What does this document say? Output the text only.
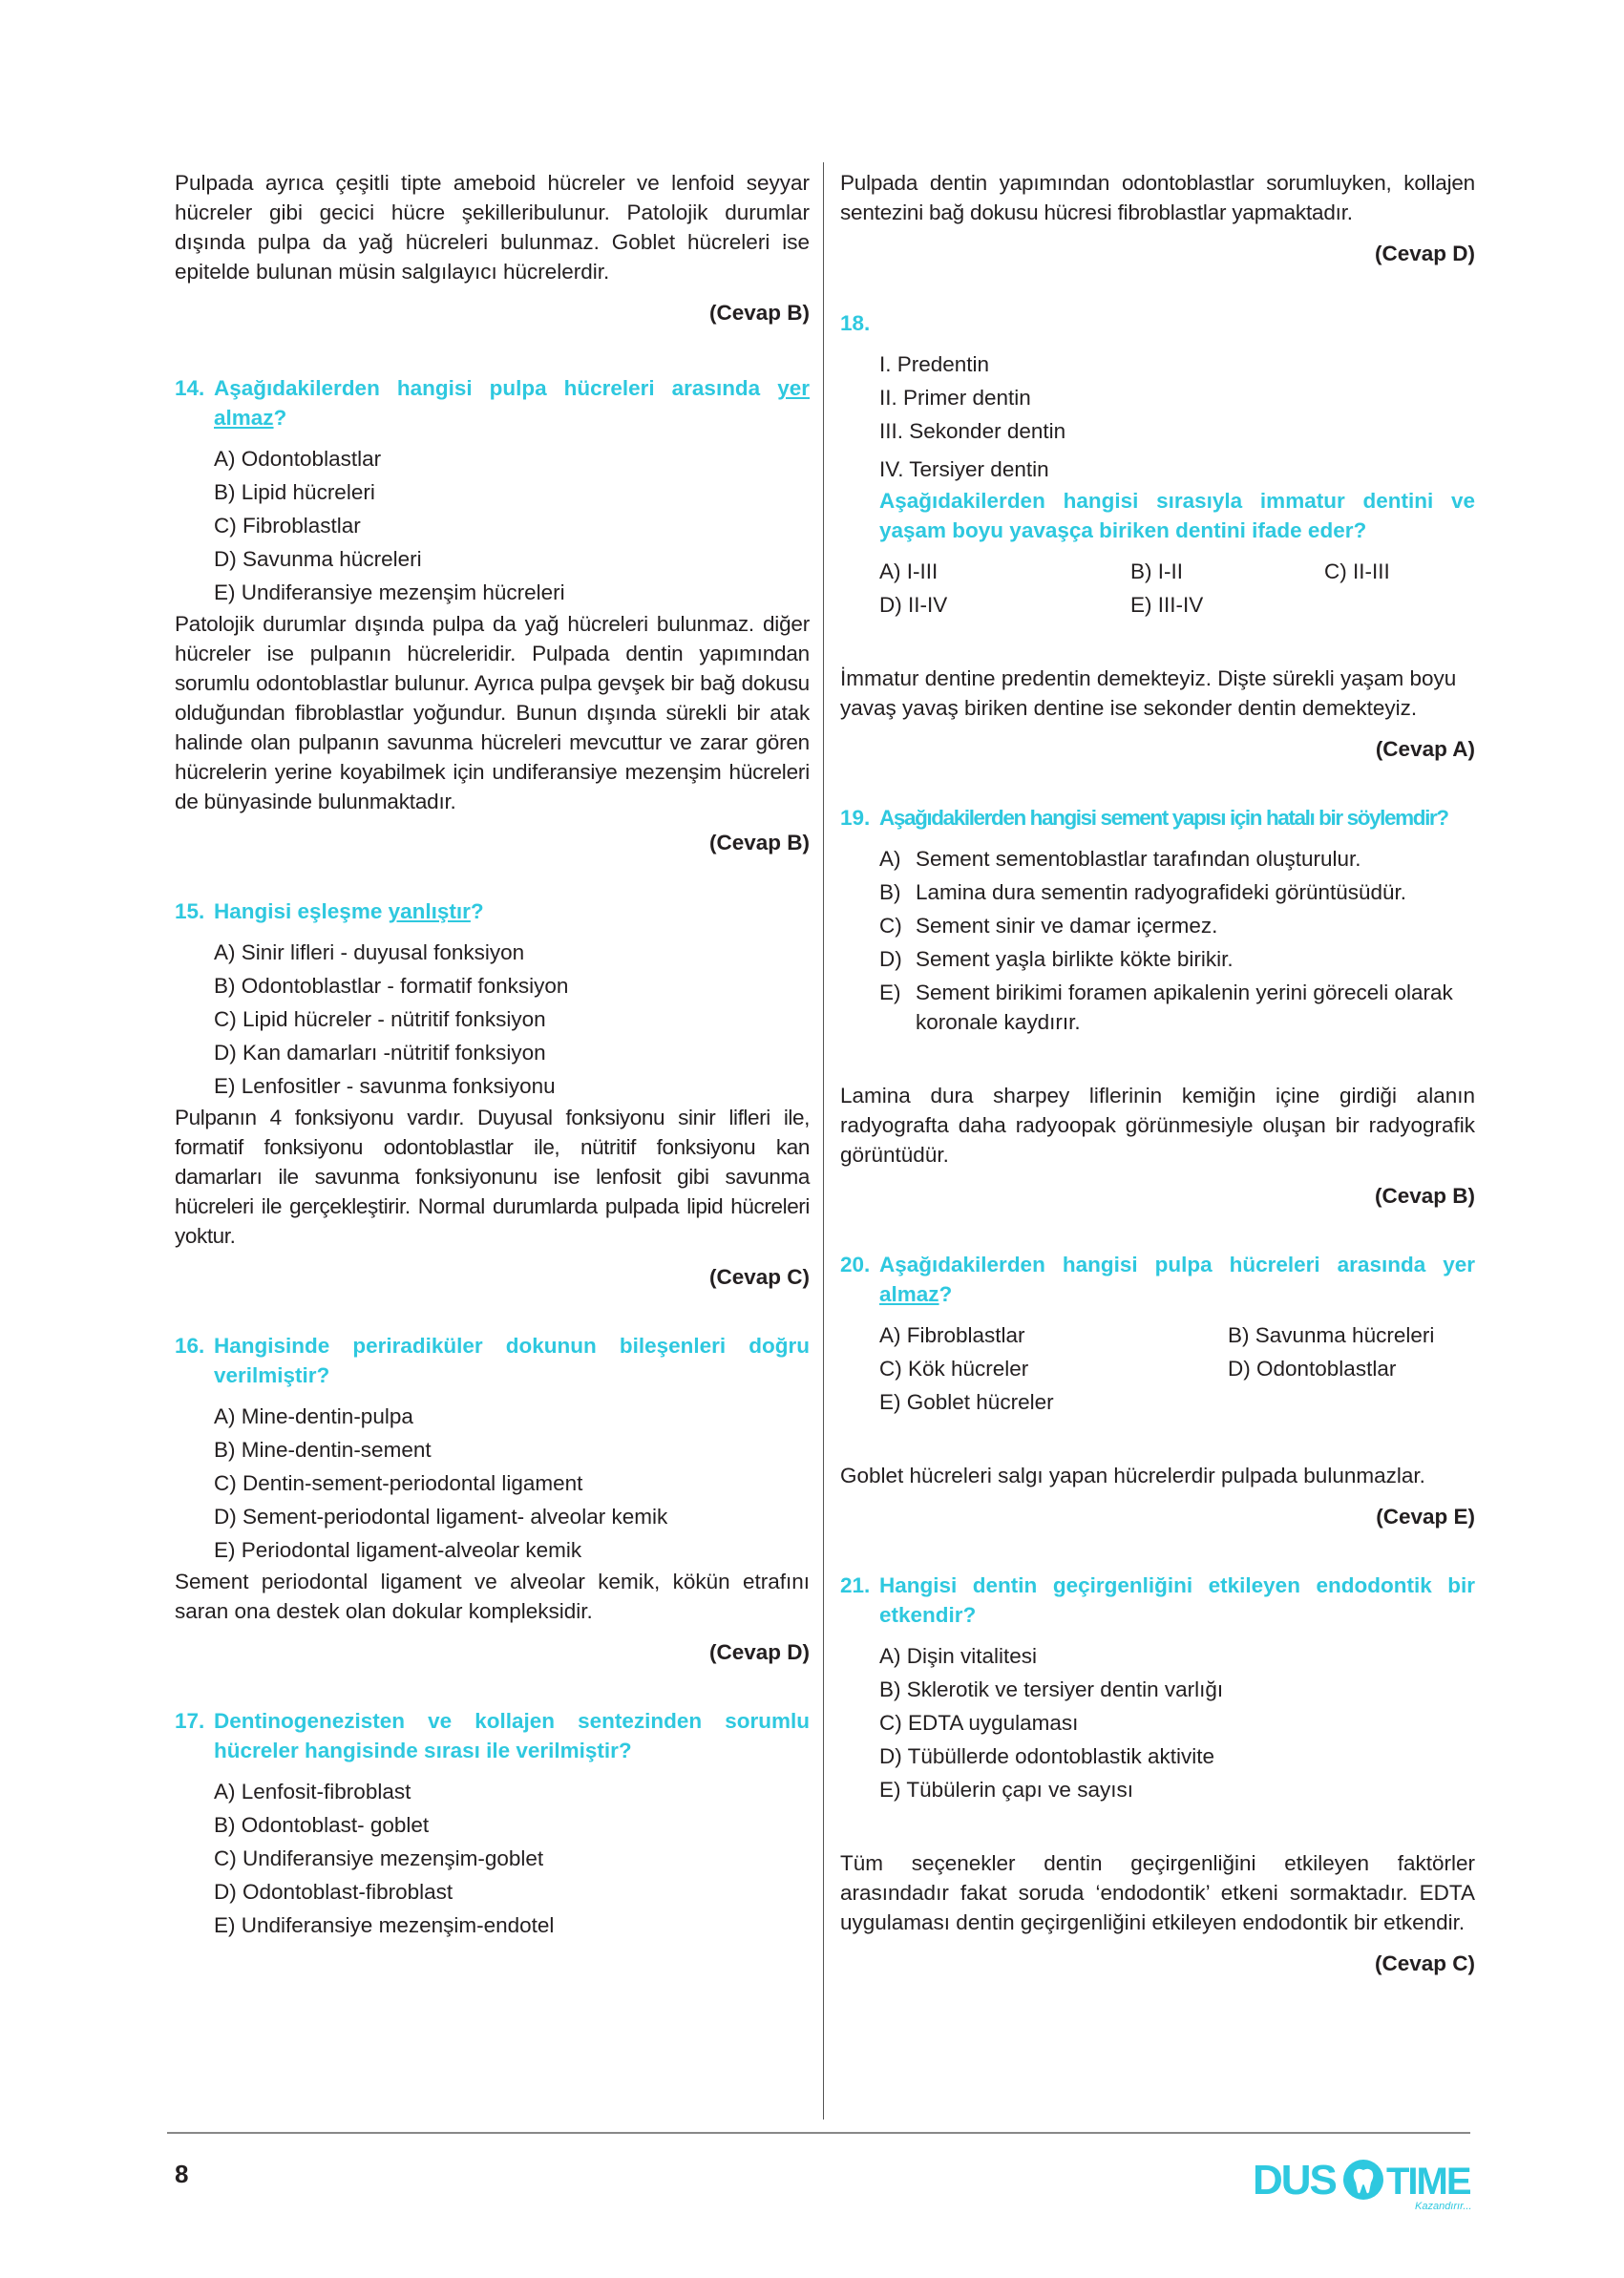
Pulpada ayrıca çeşitli tipte ameboid hücreler ve lenfoid seyyar hücreler gibi gecici hücre şekilleribulunur. Patolojik durumlar dışında pulpa da yağ hücreleri bulunmaz. Goblet hücreleri ise epitelde bulunan müsin salgılayıcı hücrelerdir.

(Cevap B)
14. Aşağıdakilerden hangisi pulpa hücreleri arasında yer almaz?
A) Odontoblastlar
B) Lipid hücreleri
C) Fibroblastlar
D) Savunma hücreleri
E) Undiferansiye mezenşim hücreleri

Patolojik durumlar dışında pulpa da yağ hücreleri bulunmaz. diğer hücreler ise pulpanın hücreleridir. Pulpada dentin yapımından sorumlu odontoblastlar bulunur. Ayrıca pulpa gevşek bir bağ dokusu olduğundan fibroblastlar yoğundur. Bunun dışında sürekli bir atak halinde olan pulpanın savunma hücreleri mevcuttur ve zarar gören hücrelerin yerine koyabilmek için undiferansiye mezenşim hücreleri de bünyasinde bulunmaktadır.

(Cevap B)
15. Hangisi eşleşme yanlıştır?
A) Sinir lifleri - duyusal fonksiyon
B) Odontoblastlar - formatif fonksiyon
C) Lipid hücreler - nütritif fonksiyon
D) Kan damarları -nütritif fonksiyon
E) Lenfositler - savunma fonksiyonu

Pulpanın 4 fonksiyonu vardır. Duyusal fonksiyonu sinir lifleri ile, formatif fonksiyonu odontoblastlar ile, nütritif fonksiyonu kan damarları ile savunma fonksiyonunu ise lenfosit gibi savunma hücreleri ile gerçekleştirir. Normal durumlarda pulpada lipid hücreleri yoktur.

(Cevap C)
16. Hangisinde periradiküler dokunun bileşenleri doğru verilmiştir?
A) Mine-dentin-pulpa
B) Mine-dentin-sement
C) Dentin-sement-periodontal ligament
D) Sement-periodontal ligament- alveolar kemik
E) Periodontal ligament-alveolar kemik

Sement periodontal ligament ve alveolar kemik, kökün etrafını saran ona destek olan dokular kompleksidir.

(Cevap D)
17. Dentinogenezisten ve kollajen sentezinden sorumlu hücreler hangisinde sırası ile verilmiştir?
A) Lenfosit-fibroblast
B) Odontoblast- goblet
C) Undiferansiye mezenşim-goblet
D) Odontoblast-fibroblast
E) Undiferansiye mezenşim-endotel

Pulpada dentin yapımından odontoblastlar sorumluyken, kollajen sentezini bağ dokusu hücresi fibroblastlar yapmaktadır.

(Cevap D)
18.
I. Predentin
II. Primer dentin
III. Sekonder dentin
IV. Tersiyer dentin
Aşağıdakilerden hangisi sırasıyla immatur dentini ve yaşam boyu yavaşça biriken dentini ifade eder?
A) I-III	B) I-II	C) II-III
D) II-IV	E) III-IV

İmmatur dentine predentin demekteyiz. Dişte sürekli yaşam boyu yavaş yavaş biriken dentine ise sekonder dentin demekteyiz.

(Cevap A)
19. Aşağıdakilerden hangisi sement yapısı için hatalı bir söylemdir?
A) Sement sementoblastlar tarafından oluşturulur.
B) Lamina dura sementin radyografideki görüntüsüdür.
C) Sement sinir ve damar içermez.
D) Sement yaşla birlikte kökte birikir.
E) Sement birikimi foramen apikalenin yerini göreceli olarak koronale kaydırır.

Lamina dura sharpey liflerinin kemiğin içine girdiği alanın radyografta daha radyoopak görünmesiyle oluşan bir radyografik görüntüdür.

(Cevap B)
20. Aşağıdakilerden hangisi pulpa hücreleri arasında yer almaz?
A) Fibroblastlar	B) Savunma hücreleri
C) Kök hücreler	D) Odontoblastlar
E) Goblet hücreler

Goblet hücreleri salgı yapan hücrelerdir pulpada bulunmazlar.

(Cevap E)
21. Hangisi dentin geçirgenliğini etkileyen endodontik bir etkendir?
A) Dişin vitalitesi
B) Sklerotik ve tersiyer dentin varlığı
C) EDTA uygulaması
D) Tübüllerde odontoblastik aktivite
E) Tübülerin çapı ve sayısı

Tüm seçenekler dentin geçirgenliğini etkileyen faktörler arasındadır fakat soruda ‘endodontik’ etkeni sormaktadır. EDTA uygulaması dentin geçirgenliğini etkileyen endodontik bir etkendir.

(Cevap C)
8	DUS TIME
Kazandırır...
